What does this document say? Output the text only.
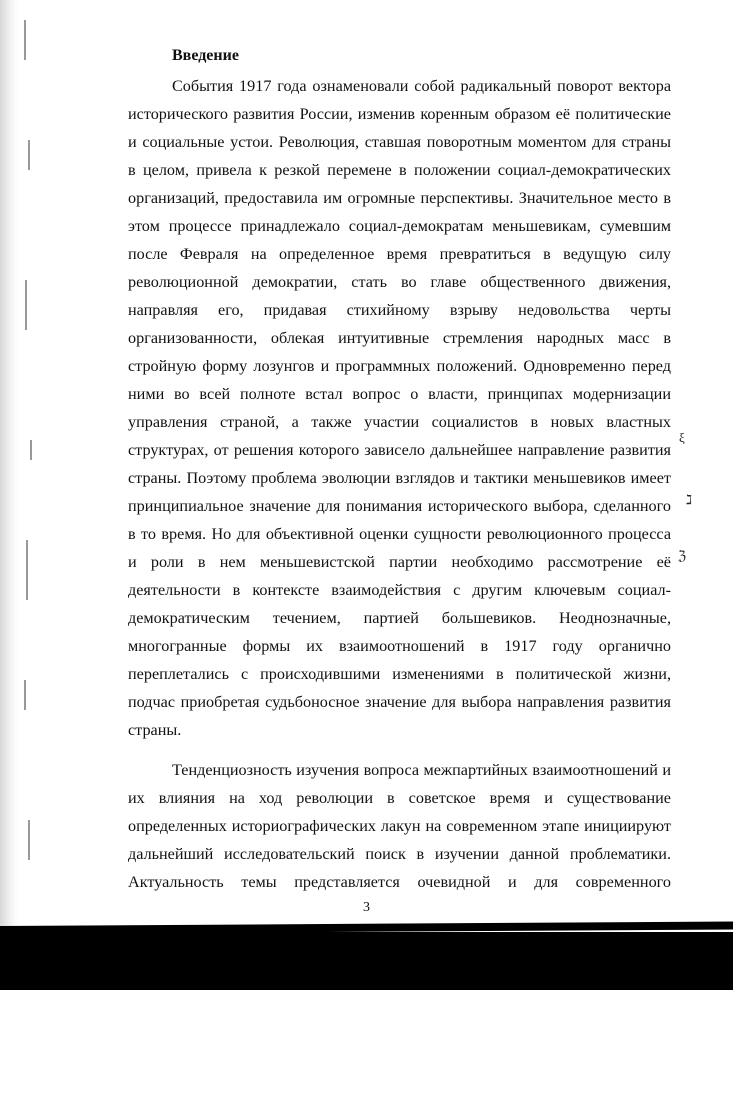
Введение
События 1917 года ознаменовали собой радикальный поворот вектора
исторического развития России, изменив коренным образом её политические
и социальные устои. Революция, ставшая поворотным моментом для страны
в целом, привела к резкой перемене в положении социал-демократических
организаций, предоставила им огромные перспективы. Значительное место в
этом процессе принадлежало социал-демократам меньшевикам, сумевшим
после Февраля на определенное время превратиться в ведущую силу
революционной демократии, стать во главе общественного движения,
направляя его, придавая стихийному взрыву недовольства черты
организованности, облекая интуитивные стремления народных масс в
стройную форму лозунгов и программных положений. Одновременно перед
ними во всей полноте встал вопрос о власти, принципах модернизации
управления страной, а также участии социалистов в новых властных
структурах, от решения которого зависело дальнейшее направление развития
страны. Поэтому проблема эволюции взглядов и тактики меньшевиков имеет
принципиальное значение для понимания исторического выбора, сделанного
в то время. Но для объективной оценки сущности революционного процесса
и роли в нем меньшевистской партии необходимо рассмотрение её
деятельности в контексте взаимодействия с другим ключевым социал-
демократическим течением, партией большевиков. Неоднозначные,
многогранные формы их взаимоотношений в 1917 году органично
переплетались с происходившими изменениями в политической жизни,
подчас приобретая судьбоносное значение для выбора направления развития
страны.
Тенденциозность изучения вопроса межпартийных взаимоотношений и
их влияния на ход революции в советское время и существование
определенных историографических лакун на современном этапе инициируют
дальнейший исследовательский поиск в изучении данной проблематики.
Актуальность темы представляется очевидной и для современного
3
ξ
ℷ
ℨ
